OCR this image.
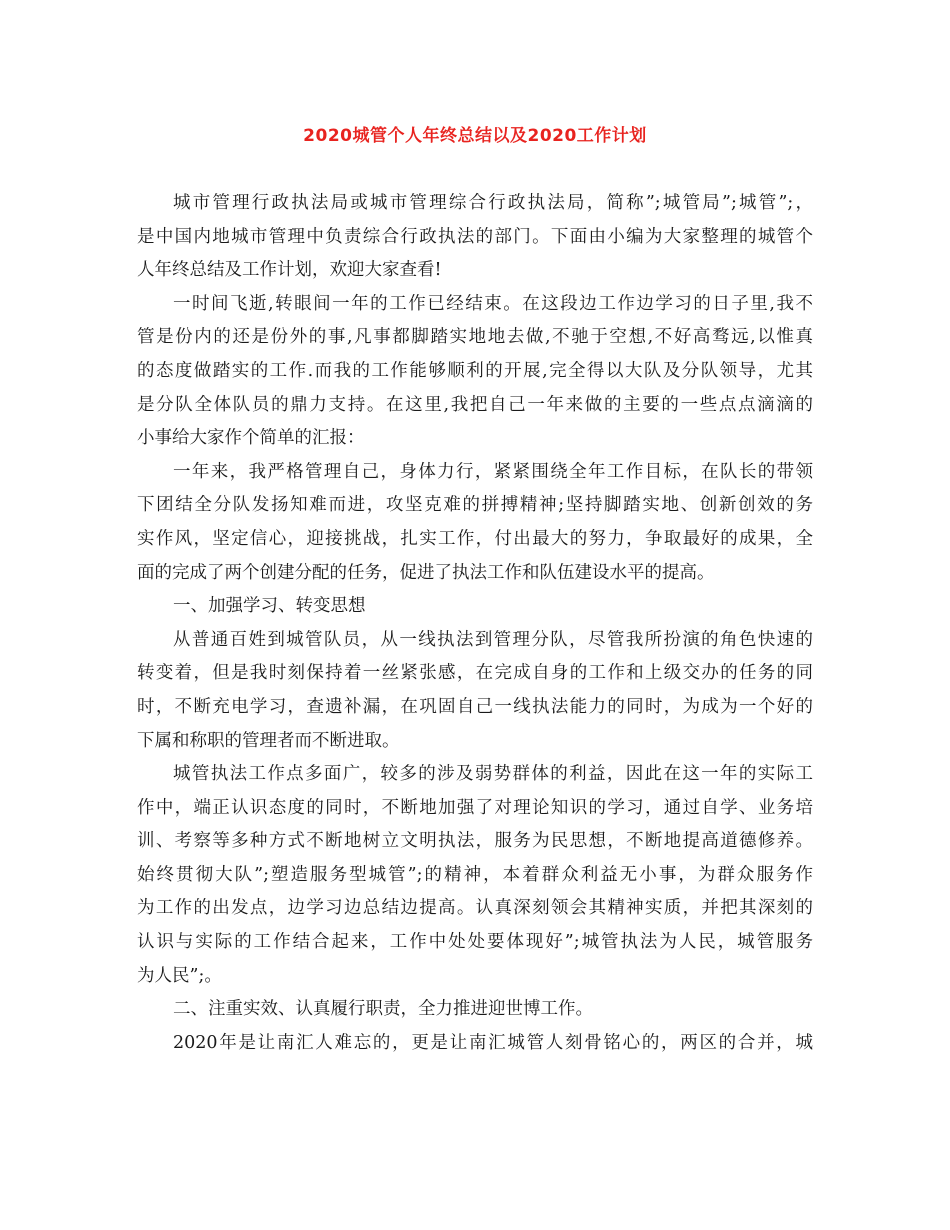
2020城管个人年终总结以及2020工作计划
城市管理行政执法局或城市管理综合行政执法局，简称”;城管局”;城管”;，
是中国内地城市管理中负责综合行政执法的部门。下面由小编为大家整理的城管个
人年终总结及工作计划，欢迎大家查看!
一时间飞逝,转眼间一年的工作已经结束。在这段边工作边学习的日子里,我不
管是份内的还是份外的事,凡事都脚踏实地地去做,不驰于空想,不好高骛远,以惟真
的态度做踏实的工作.而我的工作能够顺利的开展,完全得以大队及分队领导，尤其
是分队全体队员的鼎力支持。在这里,我把自己一年来做的主要的一些点点滴滴的
小事给大家作个简单的汇报：
一年来，我严格管理自己，身体力行，紧紧围绕全年工作目标，在队长的带领
下团结全分队发扬知难而进，攻坚克难的拼搏精神;坚持脚踏实地、创新创效的务
实作风，坚定信心，迎接挑战，扎实工作，付出最大的努力，争取最好的成果，全
面的完成了两个创建分配的任务，促进了执法工作和队伍建设水平的提高。
一、加强学习、转变思想
从普通百姓到城管队员，从一线执法到管理分队，尽管我所扮演的角色快速的
转变着，但是我时刻保持着一丝紧张感，在完成自身的工作和上级交办的任务的同
时，不断充电学习，查遗补漏，在巩固自己一线执法能力的同时，为成为一个好的
下属和称职的管理者而不断进取。
城管执法工作点多面广，较多的涉及弱势群体的利益，因此在这一年的实际工
作中，端正认识态度的同时，不断地加强了对理论知识的学习，通过自学、业务培
训、考察等多种方式不断地树立文明执法，服务为民思想，不断地提高道德修养。
始终贯彻大队”;塑造服务型城管”;的精神，本着群众利益无小事，为群众服务作
为工作的出发点，边学习边总结边提高。认真深刻领会其精神实质，并把其深刻的
认识与实际的工作结合起来，工作中处处要体现好”;城管执法为人民，城管服务
为人民”;。
二、注重实效、认真履行职责，全力推进迎世博工作。
2020年是让南汇人难忘的，更是让南汇城管人刻骨铭心的，两区的合并，城
